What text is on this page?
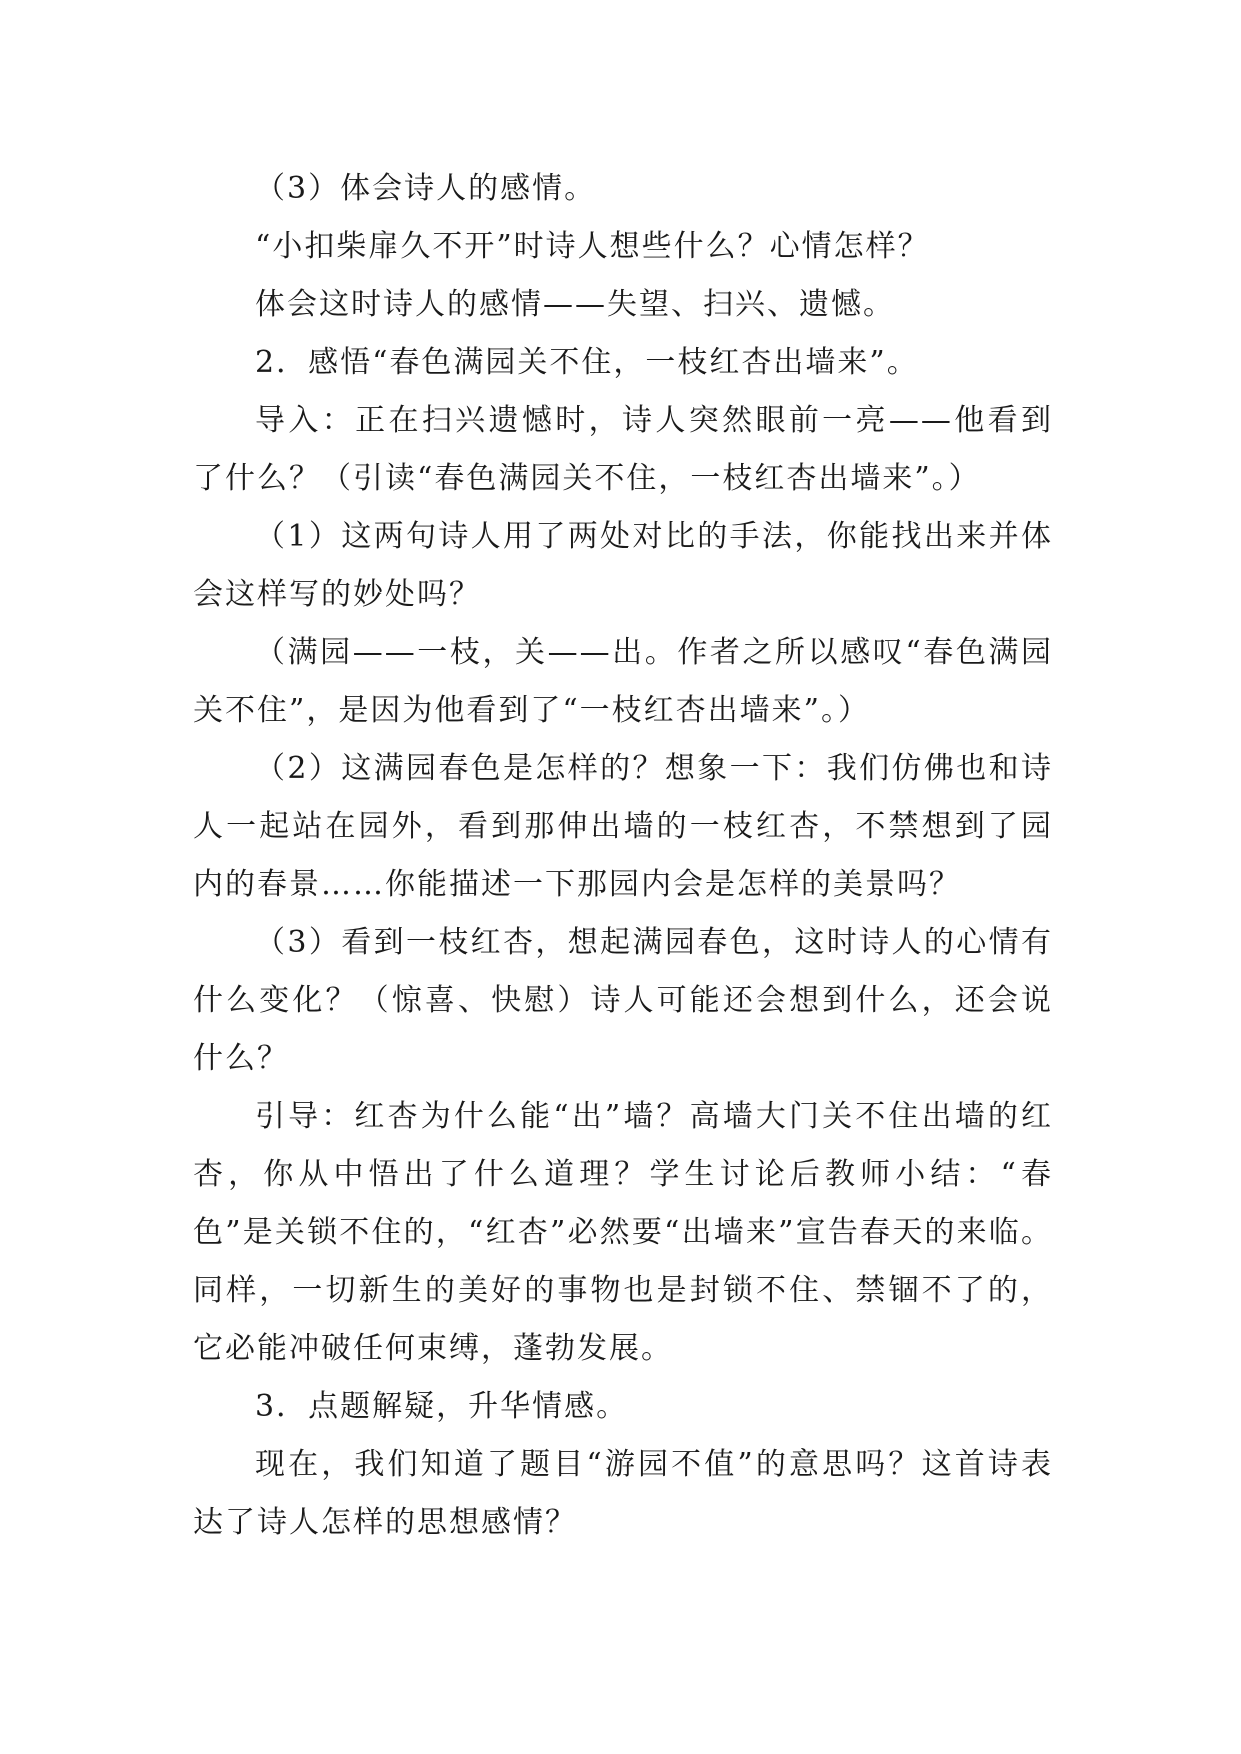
（3）体会诗人的感情。

“小扣柴扉久不开”时诗人想些什么？心情怎样？

体会这时诗人的感情——失望、扫兴、遗憾。

2．感悟“春色满园关不住，一枝红杏出墙来”。

导入：正在扫兴遗憾时，诗人突然眼前一亮——他看到了什么？（引读“春色满园关不住，一枝红杏出墙来”。）

（1）这两句诗人用了两处对比的手法，你能找出来并体会这样写的妙处吗？

（满园——一枝，关——出。作者之所以感叹“春色满园关不住”，是因为他看到了“一枝红杏出墙来”。）

（2）这满园春色是怎样的？想象一下：我们仿佛也和诗人一起站在园外，看到那伸出墙的一枝红杏，不禁想到了园内的春景……你能描述一下那园内会是怎样的美景吗？

（3）看到一枝红杏，想起满园春色，这时诗人的心情有什么变化？（惊喜、快慰）诗人可能还会想到什么，还会说什么？

引导：红杏为什么能“出”墙？高墙大门关不住出墙的红杏，你从中悟出了什么道理？学生讨论后教师小结：“春色”是关锁不住的，“红杏”必然要“出墙来”宣告春天的来临。同样，一切新生的美好的事物也是封锁不住、禁锢不了的，它必能冲破任何束缚，蓬勃发展。

3．点题解疑，升华情感。

现在，我们知道了题目“游园不值”的意思吗？这首诗表达了诗人怎样的思想感情？
